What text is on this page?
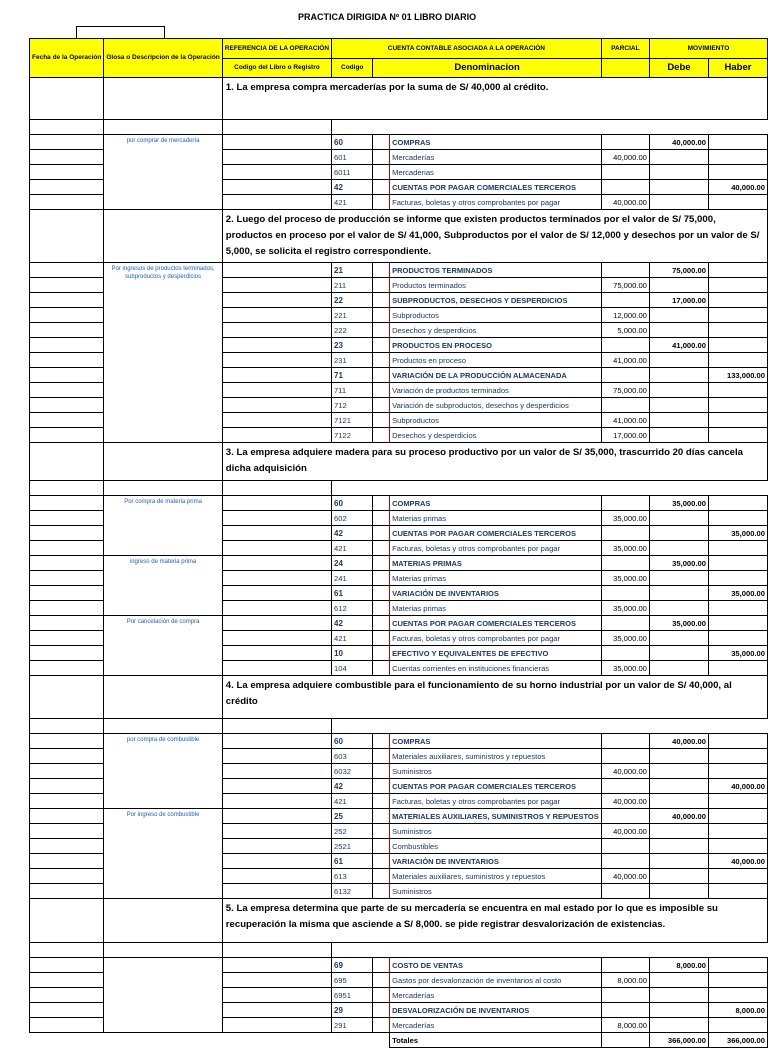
PRACTICA DIRIGIDA Nº 01 LIBRO DIARIO
Fecha de la Operación	Glosa o Descripcion de la Operación	REFERENCIA DE LA OPERACIÓN	CUENTA CONTABLE ASOCIADA A LA OPERACIÓN			PARCIAL	MOVIMIENTO	
		Codigo del Libro o Registro	Codigo	Denominacion			Debe	Haber
		1. La empresa compra mercaderías por la suma de S/ 40,000 al crédito.						

	por comprar de mercadería		60		COMPRAS		40,000.00	
			601		Mercaderías	40,000.00		
			6011		Mercaderias			
			42		CUENTAS POR PAGAR COMERCIALES TERCEROS			40,000.00
			421		Facturas, boletas y otros comprobantes por pagar	40,000.00		
		2. Luego del proceso de producción se informe que existen productos terminados por el valor de S/ 75,000, productos en proceso por el valor de S/ 41,000, Subproductos por el valor de S/ 12,000 y desechos por un valor de S/ 5,000, se solicita el registro correspondiente.						
	Por ingresos de productos terminados, subproductos y desperdicios		21		PRODUCTOS TERMINADOS		75,000.00	
			211		Productos terminados	75,000.00		
			22		SUBPRODUCTOS, DESECHOS Y DESPERDICIOS		17,000.00	
			221		Subproductos	12,000.00		
			222		Desechos y desperdicios	5,000.00		
			23		PRODUCTOS EN PROCESO		41,000.00	
			231		Productos en proceso	41,000.00		
			71		VARIACIÓN DE LA PRODUCCIÓN ALMACENADA			133,000.00
			711		Variación de productos terminados	75,000.00		
			712		Variación de subproductos, desechos y desperdicios			
			7121		Subproductos	41,000.00		
			7122		Desechos y desperdicios	17,000.00		
		3. La empresa adquiere madera para su proceso productivo por un valor de S/ 35,000, trascurrido 20 días cancela dicha adquisición						

	Por compra de materia prima		60		COMPRAS		35,000.00	
			602		Materias primas	35,000.00		
			42		CUENTAS POR PAGAR COMERCIALES TERCEROS			35,000.00
			421		Facturas, boletas y otros comprobantes por pagar	35,000.00		
	ingreso de materia prima		24		MATERIAS PRIMAS		35,000.00	
			241		Materias primas	35,000.00		
			61		VARIACIÓN DE INVENTARIOS			35,000.00
			612		Materias primas	35,000.00		
	Por cancelación de compra		42		CUENTAS POR PAGAR COMERCIALES TERCEROS		35,000.00	
			421		Facturas, boletas y otros comprobantes por pagar	35,000.00		
			10		EFECTIVO Y EQUIVALENTES DE EFECTIVO			35,000.00
			104		Cuentas corrientes en instituciones financieras	35,000.00		
		4. La empresa adquiere combustible para el funcionamiento de su horno industrial por un valor de S/ 40,000, al crédito						

	por compra de combustible		60		COMPRAS		40,000.00	
			603		Materiales auxiliares, suministros y repuestos			
			6032		Suministros	40,000.00		
			42		CUENTAS POR PAGAR COMERCIALES TERCEROS			40,000.00
			421		Facturas, boletas y otros comprobantes por pagar	40,000.00		
	Por ingreso de combustible		25		MATERIALES AUXILIARES, SUMINISTROS Y REPUESTOS		40,000.00	
			252		Suministros	40,000.00		
			2521		Combustibles			
			61		VARIACIÓN DE INVENTARIOS			40,000.00
			613		Materiales auxiliares, suministros y repuestos	40,000.00		
			6132		Suministros			
		5. La empresa determina que parte de su mercadería se encuentra en mal estado por lo que es imposible su recuperación la misma que asciende a S/ 8,000. se pide registrar desvalorización de existencias.						

			69		COSTO DE VENTAS		8,000.00	
			695		Gastos por desvalorización de inventarios al costo	8,000.00		
			6951		Mercaderías			
			29		DESVALORIZACIÓN DE INVENTARIOS			8,000.00
			291		Mercaderías	8,000.00		
					Totales		366,000.00	366,000.00
